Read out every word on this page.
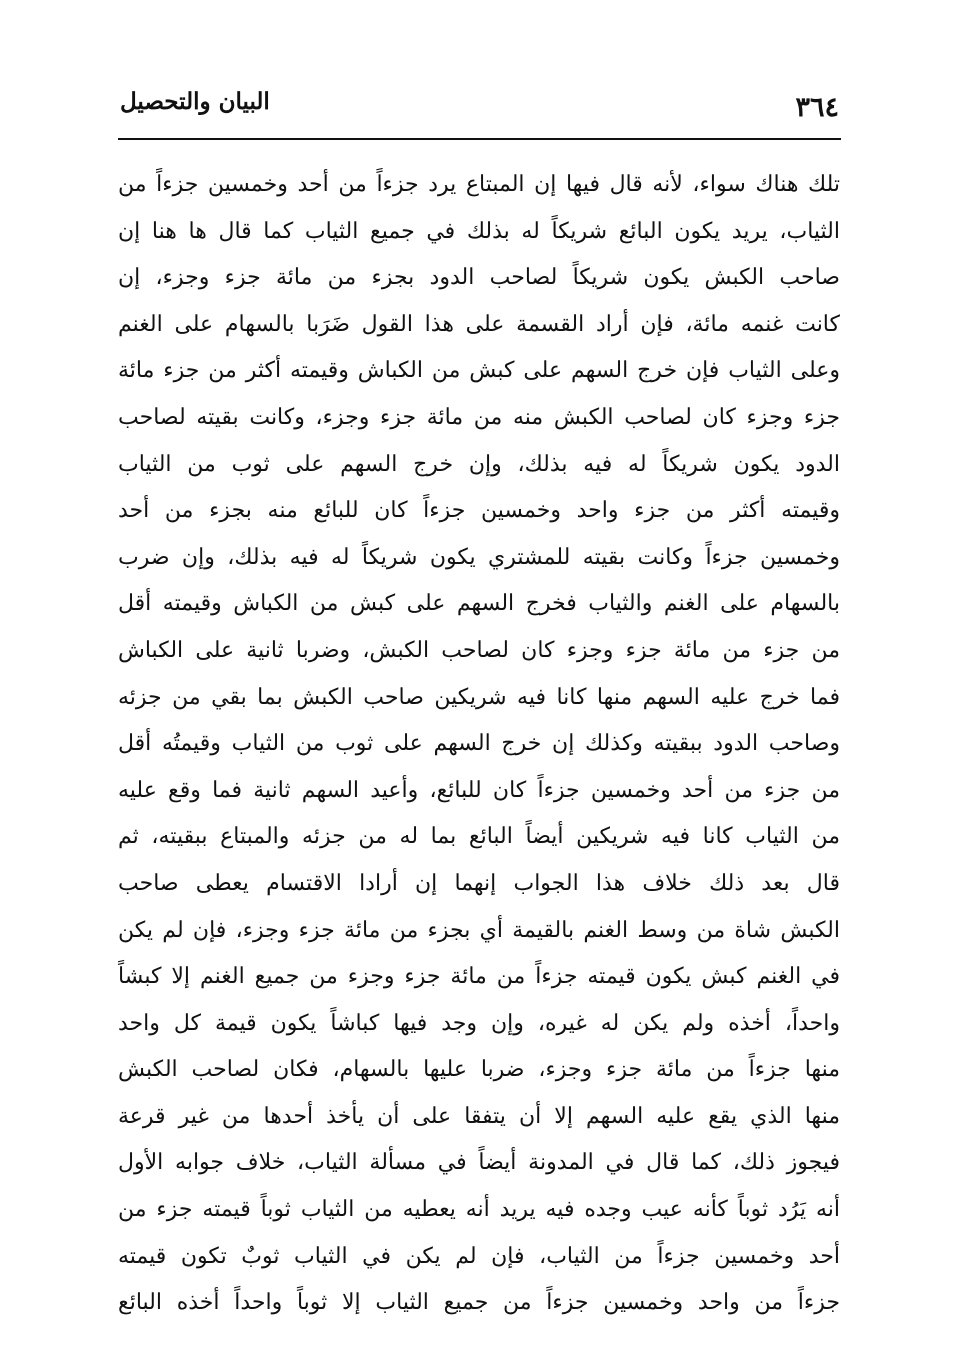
٣٦٤
البيان والتحصيل
تلك هناك سواء، لأنه قال فيها إن المبتاع يرد جزءاً من أحد وخمسين جزءاً من
الثياب، يريد يكون البائع شريكاً له بذلك في جميع الثياب كما قال ها هنا إن
صاحب الكبش يكون شريكاً لصاحب الدود بجزء من مائة جزء وجزء، إن
كانت غنمه مائة، فإن أراد القسمة على هذا القول ضَرَبا بالسهام على الغنم
وعلى الثياب فإن خرج السهم على كبش من الكباش وقيمته أكثر من جزء مائة
جزء وجزء كان لصاحب الكبش منه من مائة جزء وجزء، وكانت بقيته لصاحب
الدود يكون شريكاً له فيه بذلك، وإن خرج السهم على ثوب من الثياب
وقيمته أكثر من جزء واحد وخمسين جزءاً كان للبائع منه بجزء من أحد
وخمسين جزءاً وكانت بقيته للمشتري يكون شريكاً له فيه بذلك، وإن ضرب
بالسهام على الغنم والثياب فخرج السهم على كبش من الكباش وقيمته أقل
من جزء من مائة جزء وجزء كان لصاحب الكبش، وضربا ثانية على الكباش
فما خرج عليه السهم منها كانا فيه شريكين صاحب الكبش بما بقي من جزئه
وصاحب الدود ببقيته وكذلك إن خرج السهم على ثوب من الثياب وقيمتُه أقل
من جزء من أحد وخمسين جزءاً كان للبائع، وأعيد السهم ثانية فما وقع عليه
من الثياب كانا فيه شريكين أيضاً البائع بما له من جزئه والمبتاع ببقيته، ثم
قال بعد ذلك خلاف هذا الجواب إنهما إن أرادا الاقتسام يعطى صاحب
الكبش شاة من وسط الغنم بالقيمة أي بجزء من مائة جزء وجزء، فإن لم يكن
في الغنم كبش يكون قيمته جزءاً من مائة جزء وجزء من جميع الغنم إلا كبشاً
واحداً، أخذه ولم يكن له غيره، وإن وجد فيها كباشاً يكون قيمة كل واحد
منها جزءاً من مائة جزء وجزء، ضربا عليها بالسهام، فكان لصاحب الكبش
منها الذي يقع عليه السهم إلا أن يتفقا على أن يأخذ أحدها من غير قرعة
فيجوز ذلك، كما قال في المدونة أيضاً في مسألة الثياب، خلاف جوابه الأول
أنه يَرُد ثوباً كأنه عيب وجده فيه يريد أنه يعطيه من الثياب ثوباً قيمته جزء من
أحد وخمسين جزءاً من الثياب، فإن لم يكن في الثياب ثوبٌ تكون قيمته
جزءاً من واحد وخمسين جزءاً من جميع الثياب إلا ثوباً واحداً أخذه البائع
